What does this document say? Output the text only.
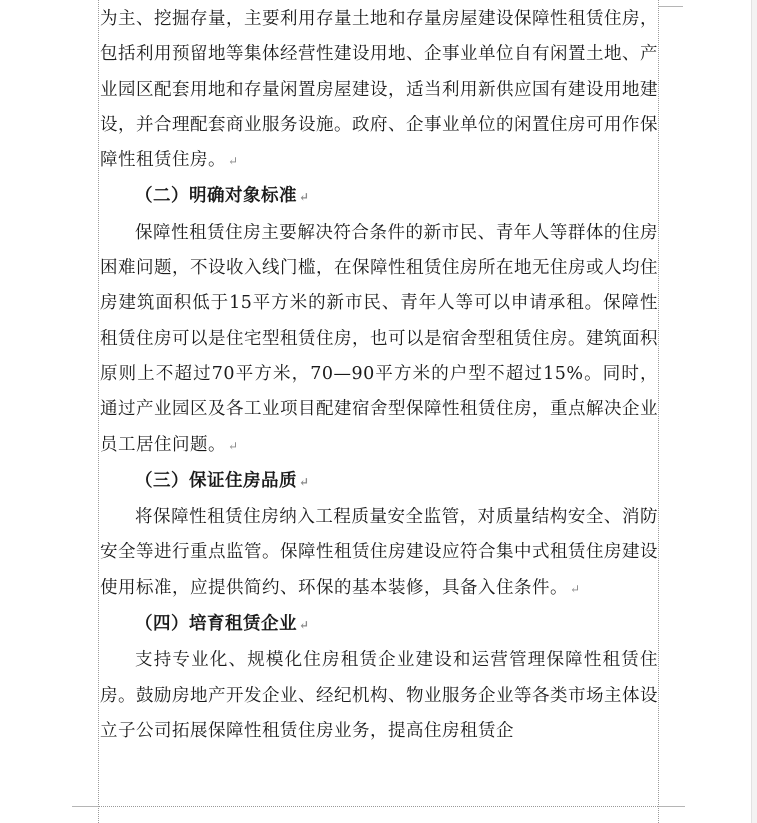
为主、挖掘存量，主要利用存量土地和存量房屋建设保障性租赁住房，包括利用预留地等集体经营性建设用地、企事业单位自有闲置土地、产业园区配套用地和存量闲置房屋建设，适当利用新供应国有建设用地建设，并合理配套商业服务设施。政府、企事业单位的闲置住房可用作保障性租赁住房。 ↵

（二）明确对象标准 ↵

保障性租赁住房主要解决符合条件的新市民、青年人等群体的住房困难问题，不设收入线门槛，在保障性租赁住房所在地无住房或人均住房建筑面积低于15平方米的新市民、青年人等可以申请承租。保障性租赁住房可以是住宅型租赁住房，也可以是宿舍型租赁住房。建筑面积原则上不超过70平方米，70—90平方米的户型不超过15%。同时，通过产业园区及各工业项目配建宿舍型保障性租赁住房，重点解决企业员工居住问题。 ↵

（三）保证住房品质 ↵

将保障性租赁住房纳入工程质量安全监管，对质量结构安全、消防安全等进行重点监管。保障性租赁住房建设应符合集中式租赁住房建设使用标准，应提供简约、环保的基本装修，具备入住条件。 ↵

（四）培育租赁企业 ↵

支持专业化、规模化住房租赁企业建设和运营管理保障性租赁住房。鼓励房地产开发企业、经纪机构、物业服务企业等各类市场主体设立子公司拓展保障性租赁住房业务，提高住房租赁企
